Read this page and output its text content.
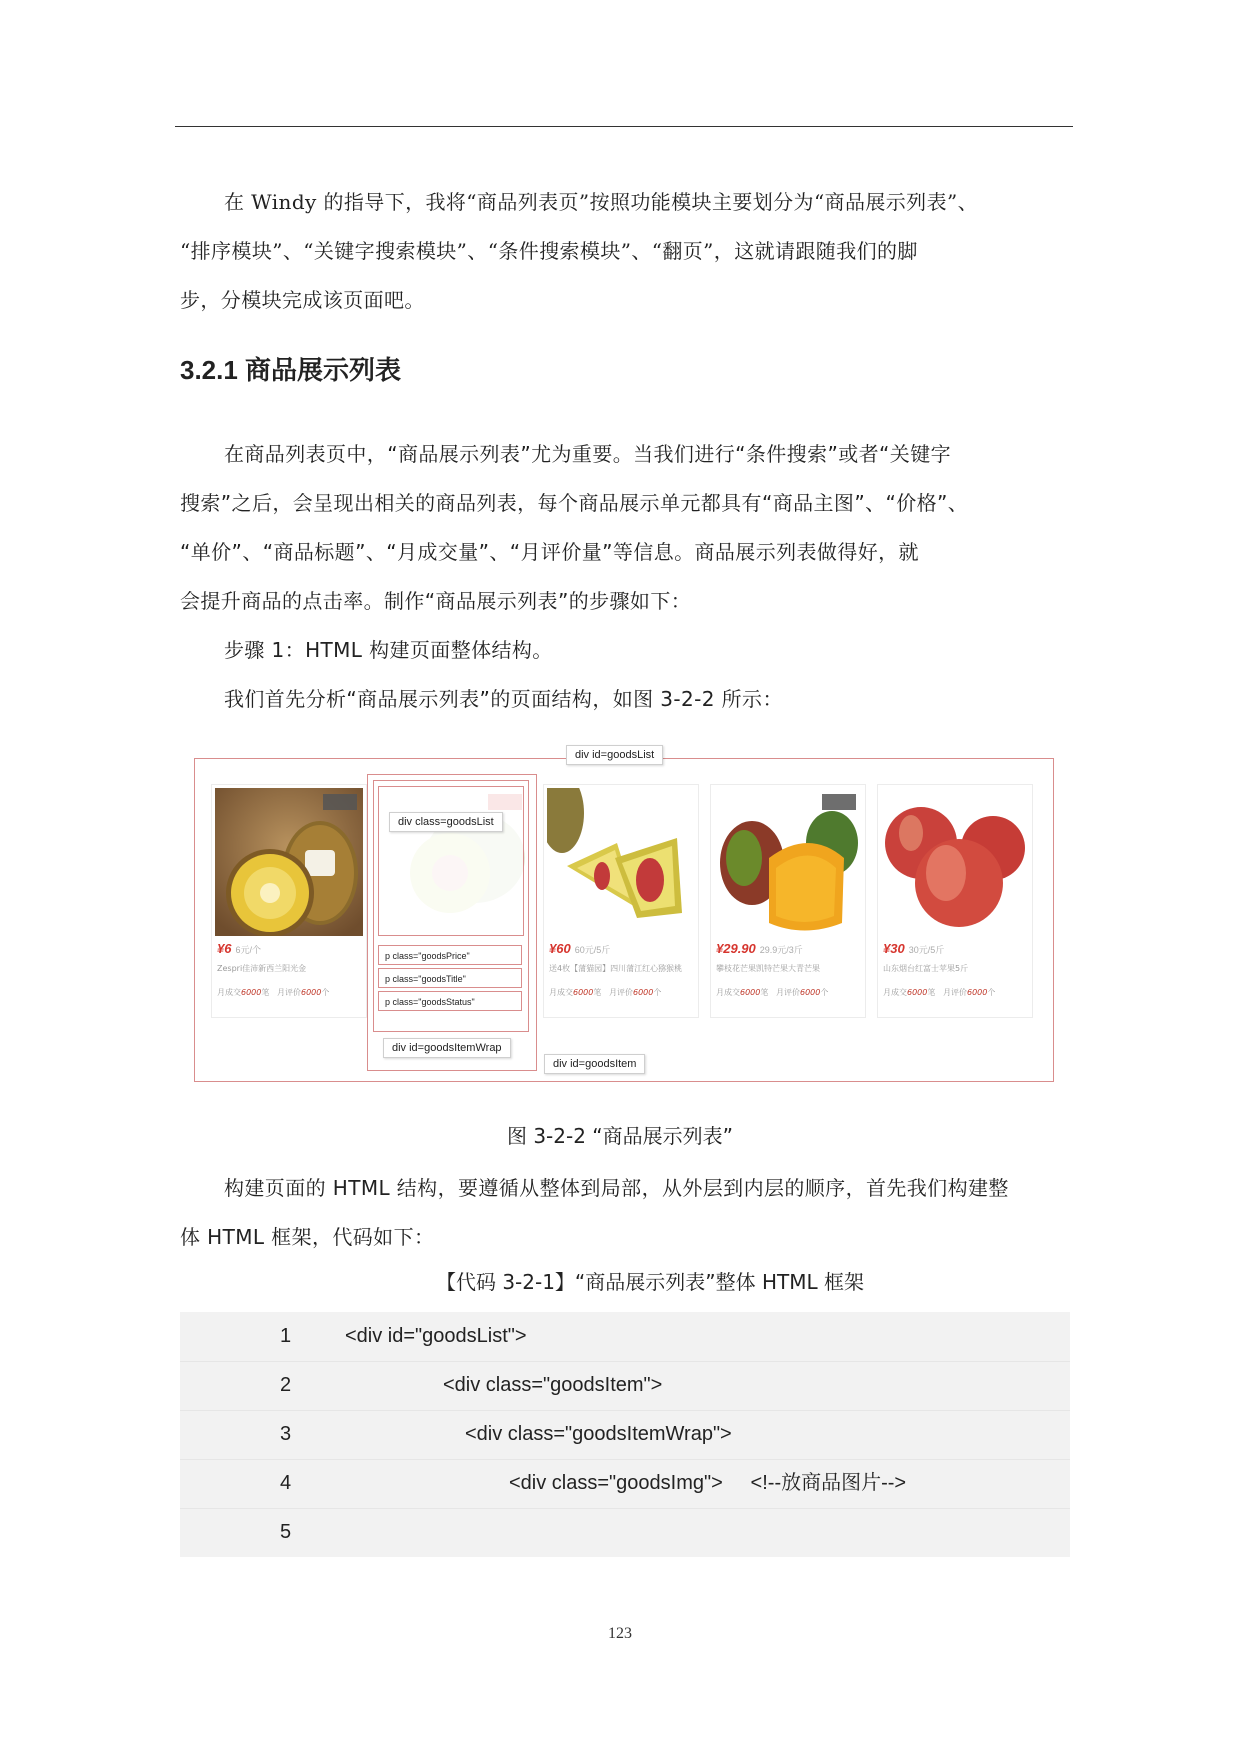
在 Windy 的指导下，我将“商品列表页”按照功能模块主要划分为“商品展示列表”、

“排序模块”、“关键字搜索模块”、“条件搜索模块”、“翻页”，这就请跟随我们的脚

步，分模块完成该页面吧。

3.2.1 商品展示列表

在商品列表页中，“商品展示列表”尤为重要。当我们进行“条件搜索”或者“关键字

搜索”之后，会呈现出相关的商品列表，每个商品展示单元都具有“商品主图”、“价格”、

“单价”、“商品标题”、“月成交量”、“月评价量”等信息。商品展示列表做得好，就

会提升商品的点击率。制作“商品展示列表”的步骤如下：

步骤 1：HTML 构建页面整体结构。

我们首先分析“商品展示列表”的页面结构，如图 3-2-2 所示：

¥6 6元/个
Zespri佳沛新西兰阳光金
月成交6000笔 月评价6000个
p class="goodsPrice"
p class="goodsTitle"
p class="goodsStatus"
¥60 60元/5斤
送4枚【蒲猫园】四川蒲江红心猕猴桃
月成交6000笔 月评价6000个
¥29.90 29.9元/3斤
攀枝花芒果凯特芒果大青芒果
月成交6000笔 月评价6000个
¥30 30元/5斤
山东烟台红富士苹果5斤
月成交6000笔 月评价6000个
div id=goodsList
div class=goodsList
div id=goodsItemWrap
div id=goodsItem
图 3-2-2 “商品展示列表”

构建页面的 HTML 结构，要遵循从整体到局部，从外层到内层的顺序，首先我们构建整

体 HTML 框架，代码如下：

【代码 3-2-1】“商品展示列表”整体 HTML 框架
1	<div id="goodsList">
2	<div class="goodsItem">
3	<div class="goodsItemWrap">
4	<div class="goodsImg">     <!--放商品图片-->
5
123
